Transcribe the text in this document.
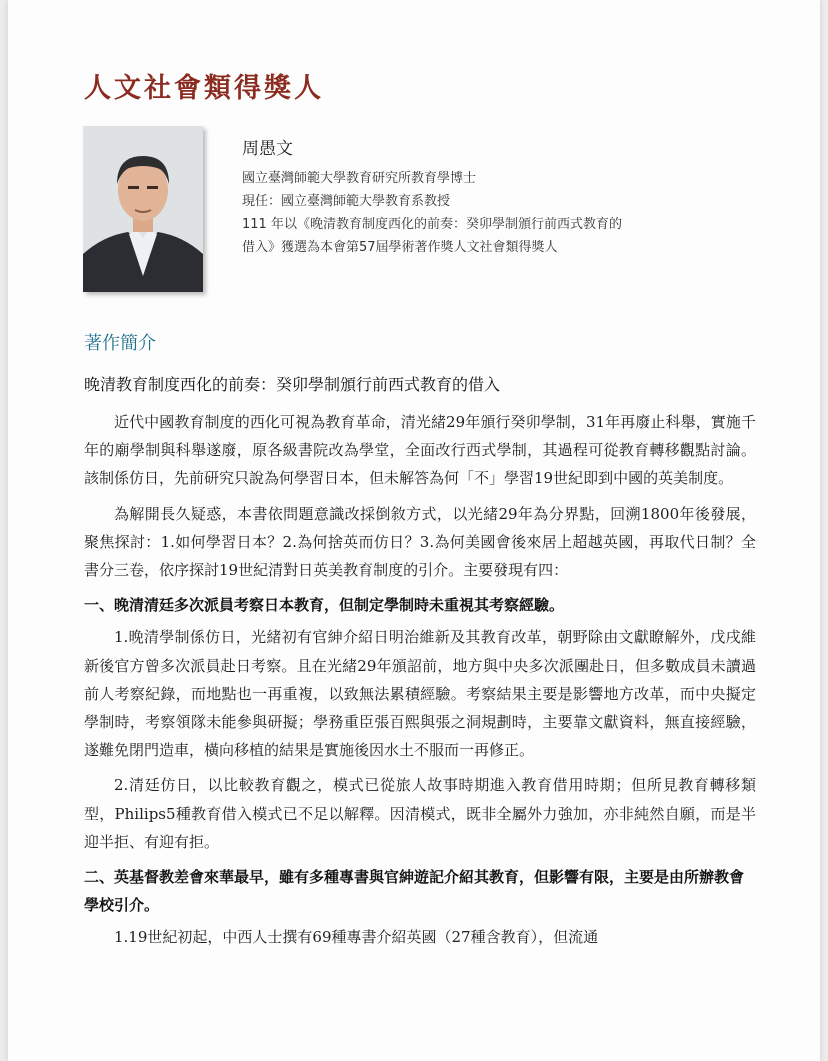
人文社會類得獎人
周愚文
國立臺灣師範大學教育研究所教育學博士
現任：國立臺灣師範大學教育系教授
111 年以《晚清教育制度西化的前奏：癸卯學制頒行前西式教育的
借入》獲選為本會第57屆學術著作獎人文社會類得獎人
著作簡介
晚清教育制度西化的前奏：癸卯學制頒行前西式教育的借入

近代中國教育制度的西化可視為教育革命，清光緒29年頒行癸卯學制，31年再廢止科舉，實施千年的廟學制與科舉遂廢，原各級書院改為學堂，全面改行西式學制，其過程可從教育轉移觀點討論。該制係仿日，先前研究只說為何學習日本，但未解答為何「不」學習19世紀即到中國的英美制度。

為解開長久疑惑，本書依問題意識改採倒敘方式，以光緒29年為分界點，回溯1800年後發展，聚焦探討：1.如何學習日本？2.為何捨英而仿日？3.為何美國會後來居上超越英國，再取代日制？全書分三卷，依序探討19世紀清對日英美教育制度的引介。主要發現有四：

一、晚清清廷多次派員考察日本教育，但制定學制時未重視其考察經驗。

1.晚清學制係仿日，光緒初有官紳介紹日明治維新及其教育改革，朝野除由文獻瞭解外，戊戌維新後官方曾多次派員赴日考察。且在光緒29年頒詔前，地方與中央多次派團赴日，但多數成員未讀過前人考察紀錄，而地點也一再重複，以致無法累積經驗。考察結果主要是影響地方改革，而中央擬定學制時，考察領隊未能參與研擬；學務重臣張百熙與張之洞規劃時，主要靠文獻資料，無直接經驗，遂難免閉門造車，橫向移植的結果是實施後因水土不服而一再修正。

2.清廷仿日，以比較教育觀之，模式已從旅人故事時期進入教育借用時期；但所見教育轉移類型，Philips5種教育借入模式已不足以解釋。因清模式，既非全屬外力強加，亦非純然自願，而是半迎半拒、有迎有拒。

二、英基督教差會來華最早，雖有多種專書與官紳遊記介紹其教育，但影響有限，主要是由所辦教會學校引介。

1.19世紀初起，中西人士撰有69種專書介紹英國（27種含教育），但流通
